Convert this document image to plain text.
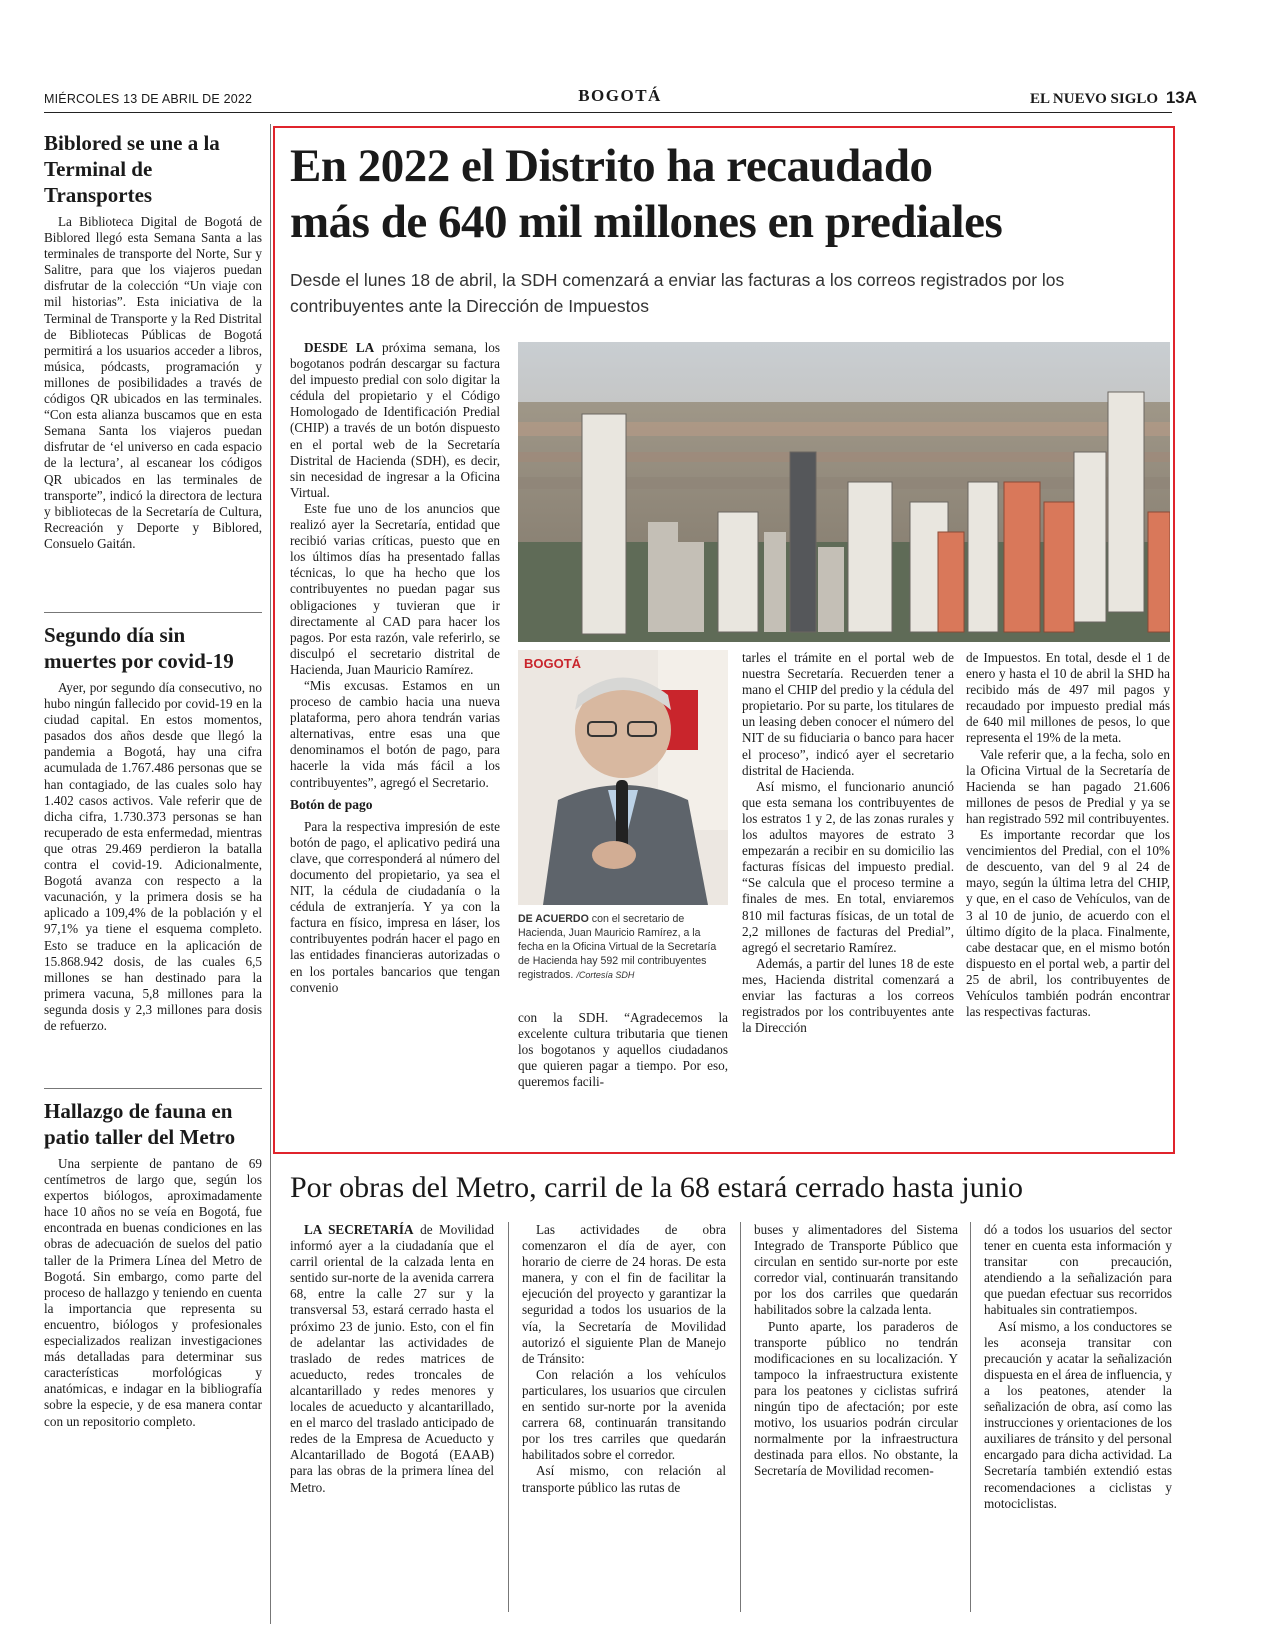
MIÉRCOLES 13 DE ABRIL DE 2022	BOGOTÁ	EL NUEVO SIGLO 13A
Biblored se une a la Terminal de Transportes

La Biblioteca Digital de Bogotá de Biblored llegó esta Semana Santa a las terminales de transporte del Norte, Sur y Salitre, para que los viajeros puedan disfrutar de la colección “Un viaje con mil historias”. Esta iniciativa de la Terminal de Transporte y la Red Distrital de Bibliotecas Públicas de Bogotá permitirá a los usuarios acceder a libros, música, pódcasts, programación y millones de posibilidades a través de códigos QR ubicados en las terminales. “Con esta alianza buscamos que en esta Semana Santa los viajeros puedan disfrutar de ‘el universo en cada espacio de la lectura’, al escanear los códigos QR ubicados en las terminales de transporte”, indicó la directora de lectura y bibliotecas de la Secretaría de Cultura, Recreación y Deporte y Biblored, Consuelo Gaitán.

Segundo día sin muertes por covid-19

Ayer, por segundo día consecutivo, no hubo ningún fallecido por covid-19 en la ciudad capital. En estos momentos, pasados dos años desde que llegó la pandemia a Bogotá, hay una cifra acumulada de 1.767.486 personas que se han contagiado, de las cuales solo hay 1.402 casos activos. Vale referir que de dicha cifra, 1.730.373 personas se han recuperado de esta enfermedad, mientras que otras 29.469 perdieron la batalla contra el covid-19. Adicionalmente, Bogotá avanza con respecto a la vacunación, y la primera dosis se ha aplicado a 109,4% de la población y el 97,1% ya tiene el esquema completo. Esto se traduce en la aplicación de 15.868.942 dosis, de las cuales 6,5 millones se han destinado para la primera vacuna, 5,8 millones para la segunda dosis y 2,3 millones para dosis de refuerzo.

Hallazgo de fauna en patio taller del Metro

Una serpiente de pantano de 69 centímetros de largo que, según los expertos biólogos, aproximadamente hace 10 años no se veía en Bogotá, fue encontrada en buenas condiciones en las obras de adecuación de suelos del patio taller de la Primera Línea del Metro de Bogotá. Sin embargo, como parte del proceso de hallazgo y teniendo en cuenta la importancia que representa su encuentro, biólogos y profesionales especializados realizan investigaciones más detalladas para determinar sus características morfológicas y anatómicas, e indagar en la bibliografía sobre la especie, y de esa manera contar con un repositorio completo.

En 2022 el Distrito ha recaudado
más de 640 mil millones en prediales
Desde el lunes 18 de abril, la SDH comenzará a enviar las facturas a los correos registrados por los contribuyentes ante la Dirección de Impuestos

DESDE LA próxima semana, los bogotanos podrán descargar su factura del impuesto predial con solo digitar la cédula del propietario y el Código Homologado de Identificación Predial (CHIP) a través de un botón dispuesto en el portal web de la Secretaría Distrital de Hacienda (SDH), es decir, sin necesidad de ingresar a la Oficina Virtual.

Este fue uno de los anuncios que realizó ayer la Secretaría, entidad que recibió varias críticas, puesto que en los últimos días ha presentado fallas técnicas, lo que ha hecho que los contribuyentes no puedan pagar sus obligaciones y tuvieran que ir directamente al CAD para hacer los pagos. Por esta razón, vale referirlo, se disculpó el secretario distrital de Hacienda, Juan Mauricio Ramírez.

“Mis excusas. Estamos en un proceso de cambio hacia una nueva plataforma, pero ahora tendrán varias alternativas, entre esas una que denominamos el botón de pago, para hacerle la vida más fácil a los contribuyentes”, agregó el Secretario.

Botón de pago

Para la respectiva impresión de este botón de pago, el aplicativo pedirá una clave, que corresponderá al número del documento del propietario, ya sea el NIT, la cédula de ciudadanía o la cédula de extranjería. Y ya con la factura en físico, impresa en láser, los contribuyentes podrán hacer el pago en las entidades financieras autorizadas o en los portales bancarios que tengan convenio

BOGOTÁ
DE ACUERDO con el secretario de Hacienda, Juan Mauricio Ramírez, a la fecha en la Oficina Virtual de la Secretaría de Hacienda hay 592 mil contribuyentes registrados. /Cortesía SDH

con la SDH. “Agradecemos la excelente cultura tributaria que tienen los bogotanos y aquellos ciudadanos que quieren pagar a tiempo. Por eso, queremos facili-

tarles el trámite en el portal web de nuestra Secretaría. Recuerden tener a mano el CHIP del predio y la cédula del propietario. Por su parte, los titulares de un leasing deben conocer el número del NIT de su fiduciaria o banco para hacer el proceso”, indicó ayer el secretario distrital de Hacienda.

Así mismo, el funcionario anunció que esta semana los contribuyentes de los estratos 1 y 2, de las zonas rurales y los adultos mayores de estrato 3 empezarán a recibir en su domicilio las facturas físicas del impuesto predial. “Se calcula que el proceso termine a finales de mes. En total, enviaremos 810 mil facturas físicas, de un total de 2,2 millones de facturas del Predial”, agregó el secretario Ramírez.

Además, a partir del lunes 18 de este mes, Hacienda distrital comenzará a enviar las facturas a los correos registrados por los contribuyentes ante la Dirección

de Impuestos. En total, desde el 1 de enero y hasta el 10 de abril la SHD ha recibido más de 497 mil pagos y recaudado por impuesto predial más de 640 mil millones de pesos, lo que representa el 19% de la meta.

Vale referir que, a la fecha, solo en la Oficina Virtual de la Secretaría de Hacienda se han pagado 21.606 millones de pesos de Predial y ya se han registrado 592 mil contribuyentes.

Es importante recordar que los vencimientos del Predial, con el 10% de descuento, van del 9 al 24 de mayo, según la última letra del CHIP, y que, en el caso de Vehículos, van de 3 al 10 de junio, de acuerdo con el último dígito de la placa. Finalmente, cabe destacar que, en el mismo botón dispuesto en el portal web, a partir del 25 de abril, los contribuyentes de Vehículos también podrán encontrar las respectivas facturas.

Por obras del Metro, carril de la 68 estará cerrado hasta junio

LA SECRETARÍA de Movilidad informó ayer a la ciudadanía que el carril oriental de la calzada lenta en sentido sur-norte de la avenida carrera 68, entre la calle 27 sur y la transversal 53, estará cerrado hasta el próximo 23 de junio. Esto, con el fin de adelantar las actividades de traslado de redes matrices de acueducto, redes troncales de alcantarillado y redes menores y locales de acueducto y alcantarillado, en el marco del traslado anticipado de redes de la Empresa de Acueducto y Alcantarillado de Bogotá (EAAB) para las obras de la primera línea del Metro.

Las actividades de obra comenzaron el día de ayer, con horario de cierre de 24 horas. De esta manera, y con el fin de facilitar la ejecución del proyecto y garantizar la seguridad a todos los usuarios de la vía, la Secretaría de Movilidad autorizó el siguiente Plan de Manejo de Tránsito:

Con relación a los vehículos particulares, los usuarios que circulen en sentido sur-norte por la avenida carrera 68, continuarán transitando por los tres carriles que quedarán habilitados sobre el corredor.

Así mismo, con relación al transporte público las rutas de

buses y alimentadores del Sistema Integrado de Transporte Público que circulan en sentido sur-norte por este corredor vial, continuarán transitando por los dos carriles que quedarán habilitados sobre la calzada lenta.

Punto aparte, los paraderos de transporte público no tendrán modificaciones en su localización. Y tampoco la infraestructura existente para los peatones y ciclistas sufrirá ningún tipo de afectación; por este motivo, los usuarios podrán circular normalmente por la infraestructura destinada para ellos. No obstante, la Secretaría de Movilidad recomen-

dó a todos los usuarios del sector tener en cuenta esta información y transitar con precaución, atendiendo a la señalización para que puedan efectuar sus recorridos habituales sin contratiempos.

Así mismo, a los conductores se les aconseja transitar con precaución y acatar la señalización dispuesta en el área de influencia, y a los peatones, atender la señalización de obra, así como las instrucciones y orientaciones de los auxiliares de tránsito y del personal encargado para dicha actividad. La Secretaría también extendió estas recomendaciones a ciclistas y motociclistas.
